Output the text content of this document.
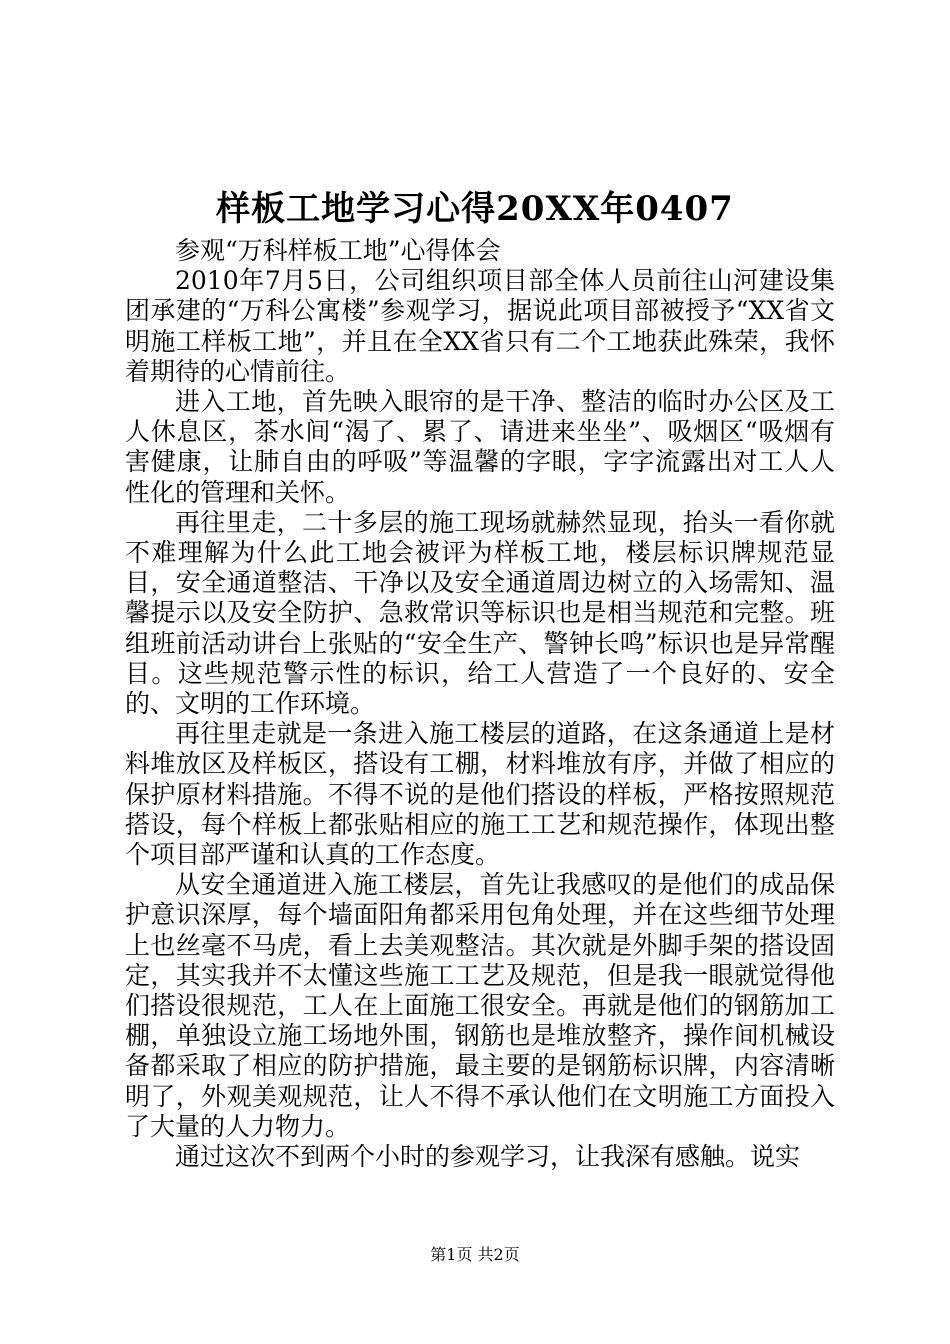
样板工地学习心得20XX年0407

参观“万科样板工地”心得体会

2010年7月5日，公司组织项目部全体人员前往山河建设集团承建的“万科公寓楼”参观学习，据说此项目部被授予“XX省文明施工样板工地”，并且在全XX省只有二个工地获此殊荣，我怀着期待的心情前往。

进入工地，首先映入眼帘的是干净、整洁的临时办公区及工人休息区，茶水间“渴了、累了、请进来坐坐”、吸烟区“吸烟有害健康，让肺自由的呼吸”等温馨的字眼，字字流露出对工人人性化的管理和关怀。

再往里走，二十多层的施工现场就赫然显现，抬头一看你就不难理解为什么此工地会被评为样板工地，楼层标识牌规范显目，安全通道整洁、干净以及安全通道周边树立的入场需知、温馨提示以及安全防护、急救常识等标识也是相当规范和完整。班组班前活动讲台上张贴的“安全生产、警钟长鸣”标识也是异常醒目。这些规范警示性的标识，给工人营造了一个良好的、安全的、文明的工作环境。

再往里走就是一条进入施工楼层的道路，在这条通道上是材料堆放区及样板区，搭设有工棚，材料堆放有序，并做了相应的保护原材料措施。不得不说的是他们搭设的样板，严格按照规范搭设，每个样板上都张贴相应的施工工艺和规范操作，体现出整个项目部严谨和认真的工作态度。

从安全通道进入施工楼层，首先让我感叹的是他们的成品保护意识深厚，每个墙面阳角都采用包角处理，并在这些细节处理上也丝毫不马虎，看上去美观整洁。其次就是外脚手架的搭设固定，其实我并不太懂这些施工工艺及规范，但是我一眼就觉得他们搭设很规范，工人在上面施工很安全。再就是他们的钢筋加工棚，单独设立施工场地外围，钢筋也是堆放整齐，操作间机械设备都采取了相应的防护措施，最主要的是钢筋标识牌，内容清晰明了，外观美观规范，让人不得不承认他们在文明施工方面投入了大量的人力物力。

通过这次不到两个小时的参观学习，让我深有感触。说实

第1页 共2页
